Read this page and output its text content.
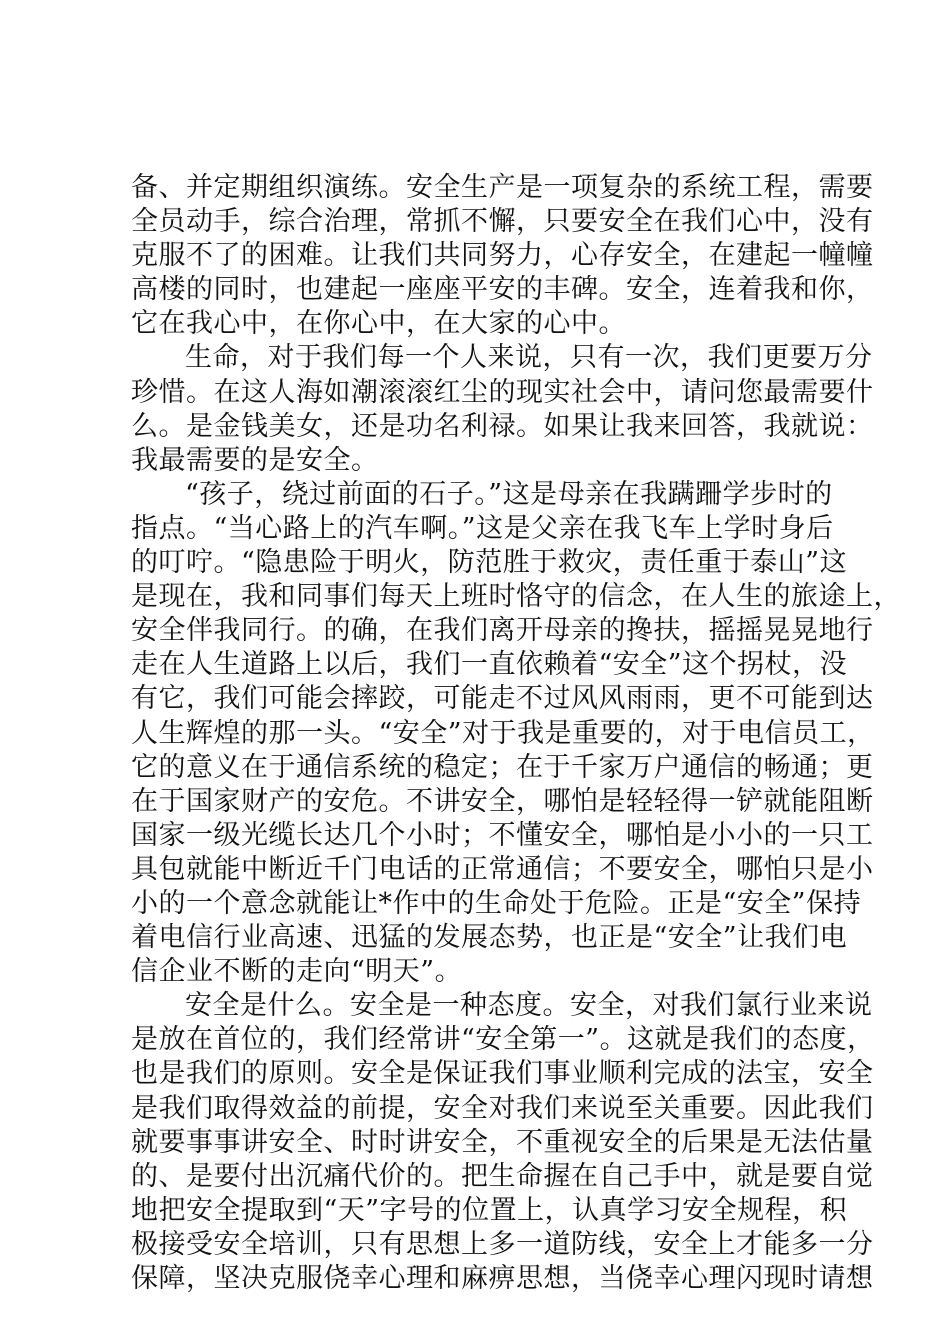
备、并定期组织演练。安全生产是一项复杂的系统工程，需要
全员动手，综合治理，常抓不懈，只要安全在我们心中，没有
克服不了的困难。让我们共同努力，心存安全，在建起一幢幢
高楼的同时，也建起一座座平安的丰碑。安全，连着我和你，
它在我心中，在你心中，在大家的心中。
生命，对于我们每一个人来说，只有一次，我们更要万分
珍惜。在这人海如潮滚滚红尘的现实社会中，请问您最需要什
么。是金钱美女，还是功名利禄。如果让我来回答，我就说：
我最需要的是安全。
“孩子，绕过前面的石子。”这是母亲在我蹒跚学步时的
指点。“当心路上的汽车啊。”这是父亲在我飞车上学时身后
的叮咛。“隐患险于明火，防范胜于救灾，责任重于泰山”这
是现在，我和同事们每天上班时恪守的信念，在人生的旅途上，
安全伴我同行。的确，在我们离开母亲的搀扶，摇摇晃晃地行
走在人生道路上以后，我们一直依赖着“安全”这个拐杖，没
有它，我们可能会摔跤，可能走不过风风雨雨，更不可能到达
人生辉煌的那一头。“安全”对于我是重要的，对于电信员工，
它的意义在于通信系统的稳定；在于千家万户通信的畅通；更
在于国家财产的安危。不讲安全，哪怕是轻轻得一铲就能阻断
国家一级光缆长达几个小时；不懂安全，哪怕是小小的一只工
具包就能中断近千门电话的正常通信；不要安全，哪怕只是小
小的一个意念就能让*作中的生命处于危险。正是“安全”保持
着电信行业高速、迅猛的发展态势，也正是“安全”让我们电
信企业不断的走向“明天”。
安全是什么。安全是一种态度。安全，对我们氯行业来说
是放在首位的，我们经常讲“安全第一”。这就是我们的态度，
也是我们的原则。安全是保证我们事业顺利完成的法宝，安全
是我们取得效益的前提，安全对我们来说至关重要。因此我们
就要事事讲安全、时时讲安全，不重视安全的后果是无法估量
的、是要付出沉痛代价的。把生命握在自己手中，就是要自觉
地把安全提取到“天”字号的位置上，认真学习安全规程，积
极接受安全培训，只有思想上多一道防线，安全上才能多一分
保障，坚决克服侥幸心理和麻痹思想，当侥幸心理闪现时请想
